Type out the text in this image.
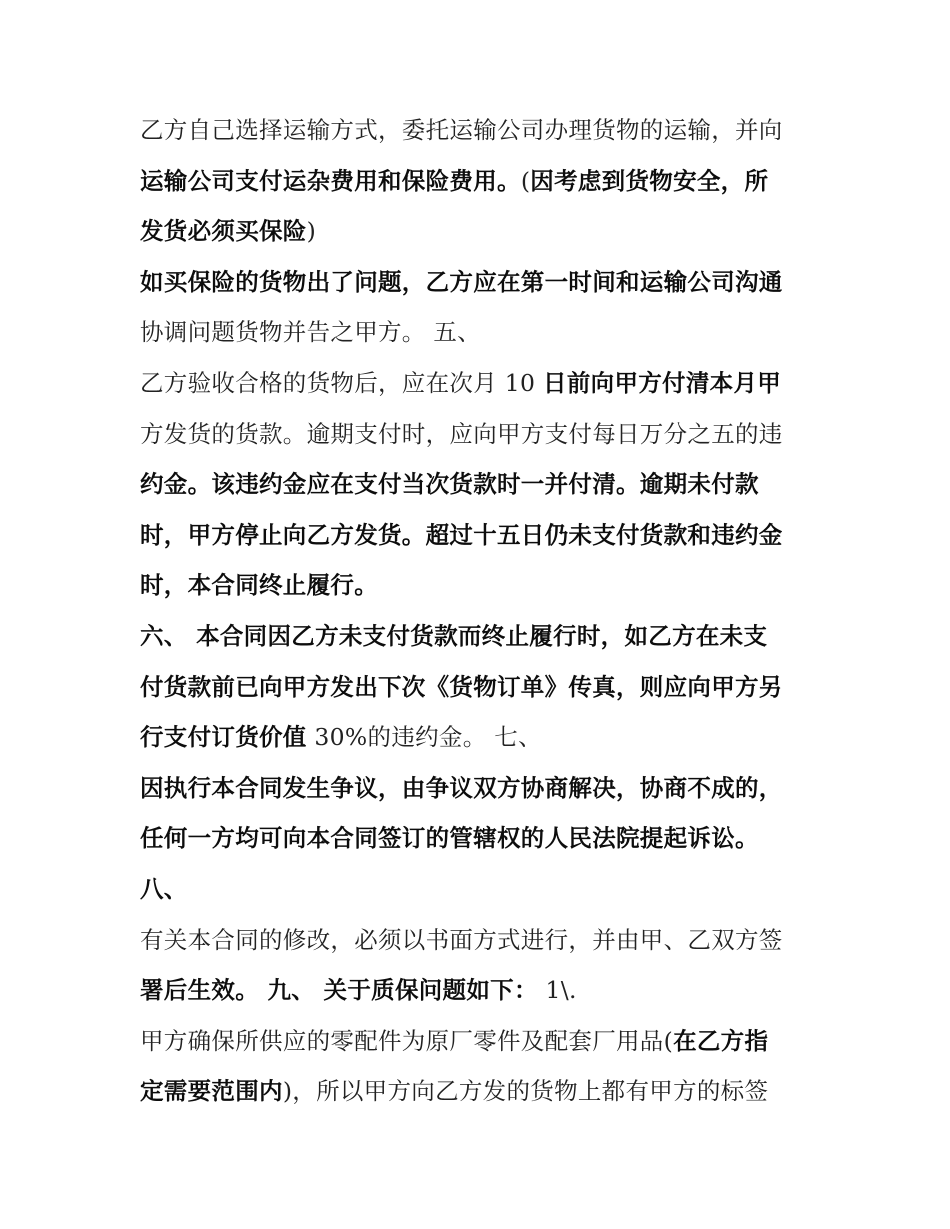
乙方自己选择运输方式，委托运输公司办理货物的运输，并向
运输公司支付运杂费用和保险费用。(因考虑到货物安全，所
发货必须买保险)
如买保险的货物出了问题，乙方应在第一时间和运输公司沟通
协调问题货物并告之甲方。 五、
乙方验收合格的货物后，应在次月 10 日前向甲方付清本月甲
方发货的货款。逾期支付时，应向甲方支付每日万分之五的违
约金。该违约金应在支付当次货款时一并付清。逾期未付款
时，甲方停止向乙方发货。超过十五日仍未支付货款和违约金
时，本合同终止履行。
六、 本合同因乙方未支付货款而终止履行时，如乙方在未支
付货款前已向甲方发出下次《货物订单》传真，则应向甲方另
行支付订货价值 30%的违约金。 七、
因执行本合同发生争议，由争议双方协商解决，协商不成的，
任何一方均可向本合同签订的管辖权的人民法院提起诉讼。
八、
有关本合同的修改，必须以书面方式进行，并由甲、乙双方签
署后生效。 九、 关于质保问题如下： 1\.
甲方确保所供应的零配件为原厂零件及配套厂用品(在乙方指
定需要范围内)，所以甲方向乙方发的货物上都有甲方的标签
